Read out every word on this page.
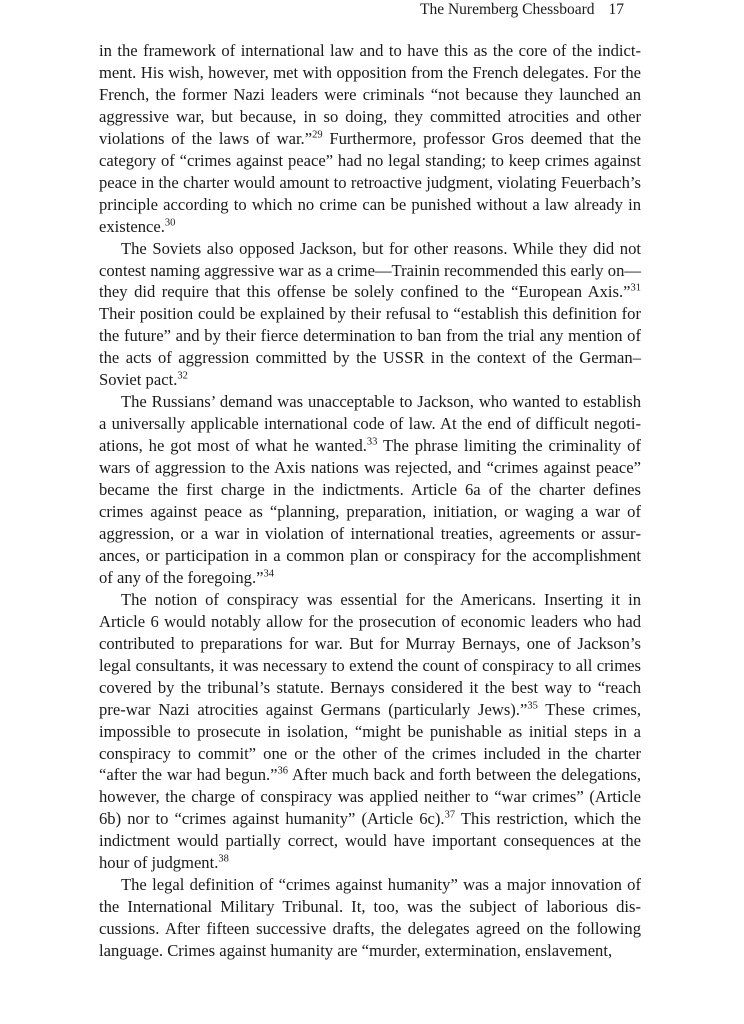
The Nuremberg Chessboard 17

in the framework of international law and to have this as the core of the indictment. His wish, however, met with opposition from the French delegates. For the French, the former Nazi leaders were criminals “not because they launched an aggressive war, but because, in so doing, they committed atrocities and other violations of the laws of war.”$^{29}$ Furthermore, professor Gros deemed that the category of “crimes against peace” had no legal standing; to keep crimes against peace in the charter would amount to retroactive judgment, violating Feuerbach’s principle according to which no crime can be punished without a law already in existence.$^{30}$

The Soviets also opposed Jackson, but for other reasons. While they did not contest naming aggressive war as a crime—Trainin recommended this early on—they did require that this offense be solely confined to the “European Axis.”$^{31}$ Their position could be explained by their refusal to “establish this definition for the future” and by their fierce determination to ban from the trial any mention of the acts of aggression committed by the USSR in the context of the German–Soviet pact.$^{32}$

The Russians’ demand was unacceptable to Jackson, who wanted to establish a universally applicable international code of law. At the end of difficult negotiations, he got most of what he wanted.$^{33}$ The phrase limiting the criminality of wars of aggression to the Axis nations was rejected, and “crimes against peace” became the first charge in the indictments. Article 6a of the charter defines crimes against peace as “planning, preparation, initiation, or waging a war of aggression, or a war in violation of international treaties, agreements or assurances, or participation in a common plan or conspiracy for the accomplishment of any of the foregoing.”$^{34}$

The notion of conspiracy was essential for the Americans. Inserting it in Article 6 would notably allow for the prosecution of economic leaders who had contributed to preparations for war. But for Murray Bernays, one of Jackson’s legal consultants, it was necessary to extend the count of conspiracy to all crimes covered by the tribunal’s statute. Bernays considered it the best way to “reach pre-war Nazi atrocities against Germans (particularly Jews).”$^{35}$ These crimes, impossible to prosecute in isolation, “might be punishable as initial steps in a conspiracy to commit” one or the other of the crimes included in the charter “after the war had begun.”$^{36}$ After much back and forth between the delegations, however, the charge of conspiracy was applied neither to “war crimes” (Article 6b) nor to “crimes against humanity” (Article 6c).$^{37}$ This restriction, which the indictment would partially correct, would have important consequences at the hour of judgment.$^{38}$

The legal definition of “crimes against humanity” was a major innovation of the International Military Tribunal. It, too, was the subject of laborious discussions. After fifteen successive drafts, the delegates agreed on the following language. Crimes against humanity are “murder, extermination, enslavement,
